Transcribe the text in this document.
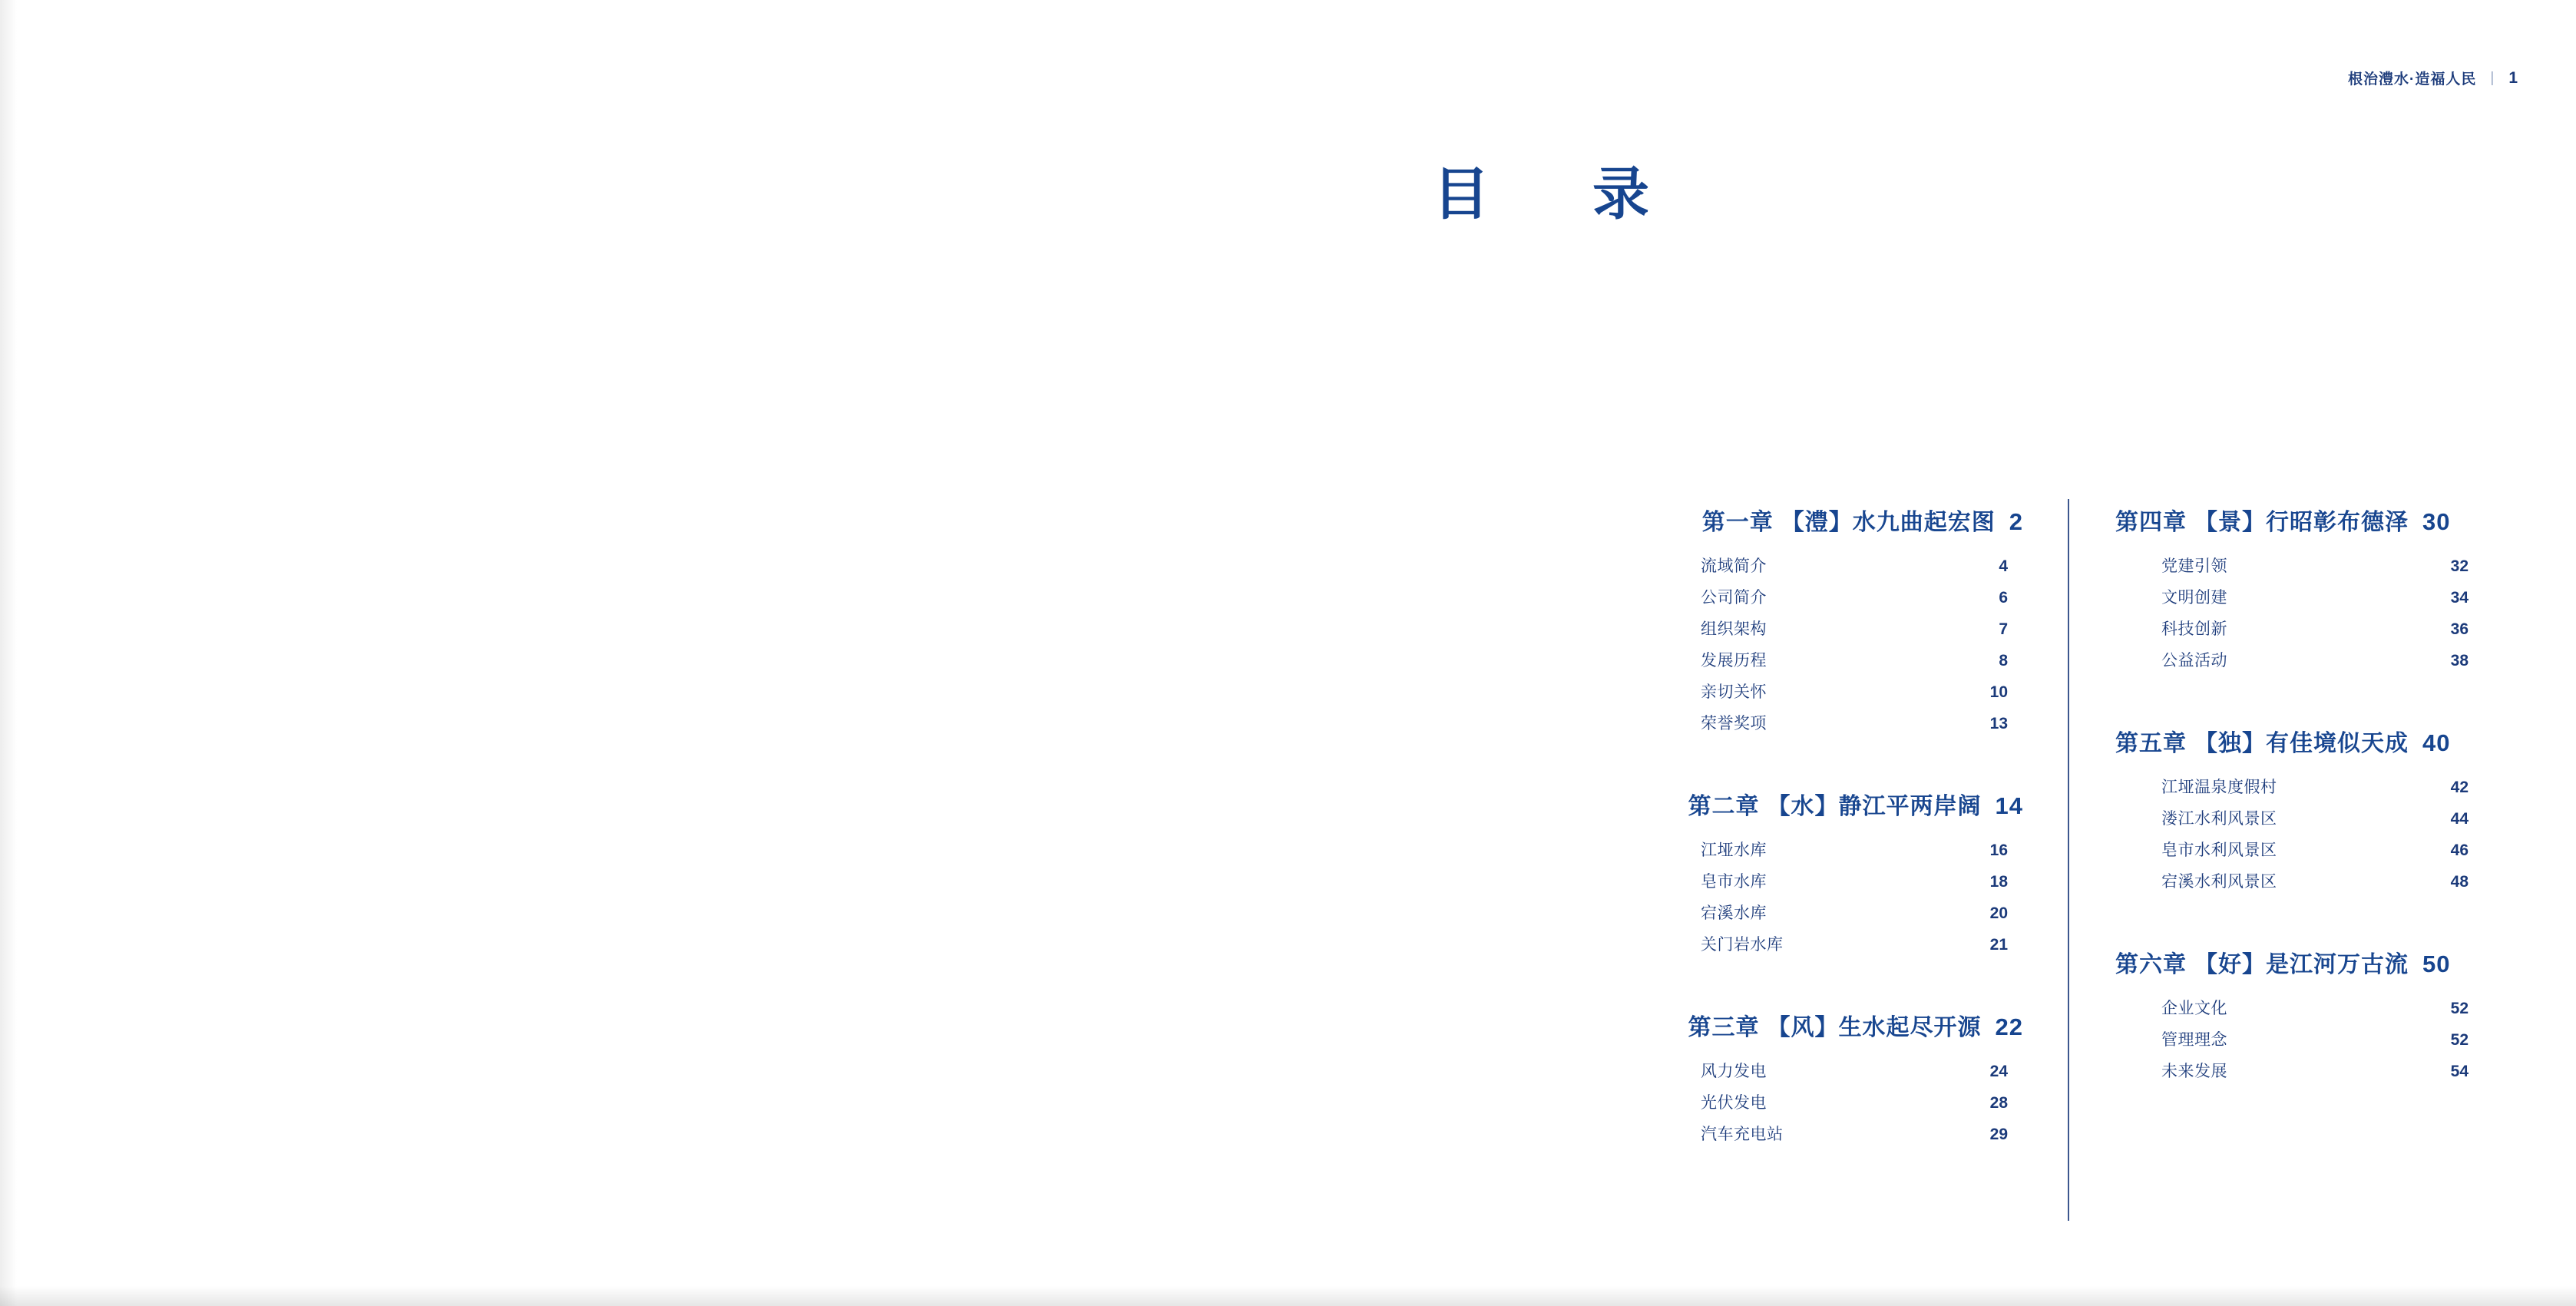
根治澧水·造福人民 | 1
目　录
第一章 【澧】水九曲起宏图 2
流域简介	4
公司简介	6
组织架构	7
发展历程	8
亲切关怀	10
荣誉奖项	13
第二章 【水】静江平两岸阔 14
江垭水库	16
皂市水库	18
宕溪水库	20
关门岩水库	21
第三章 【风】生水起尽开源 22
风力发电	24
光伏发电	28
汽车充电站	29
第四章 【景】行昭彰布德泽 30
党建引领	32
文明创建	34
科技创新	36
公益活动	38
第五章 【独】有佳境似天成 40
江垭温泉度假村	42
溇江水利风景区	44
皂市水利风景区	46
宕溪水利风景区	48
第六章 【好】是江河万古流 50
企业文化	52
管理理念	52
未来发展	54
